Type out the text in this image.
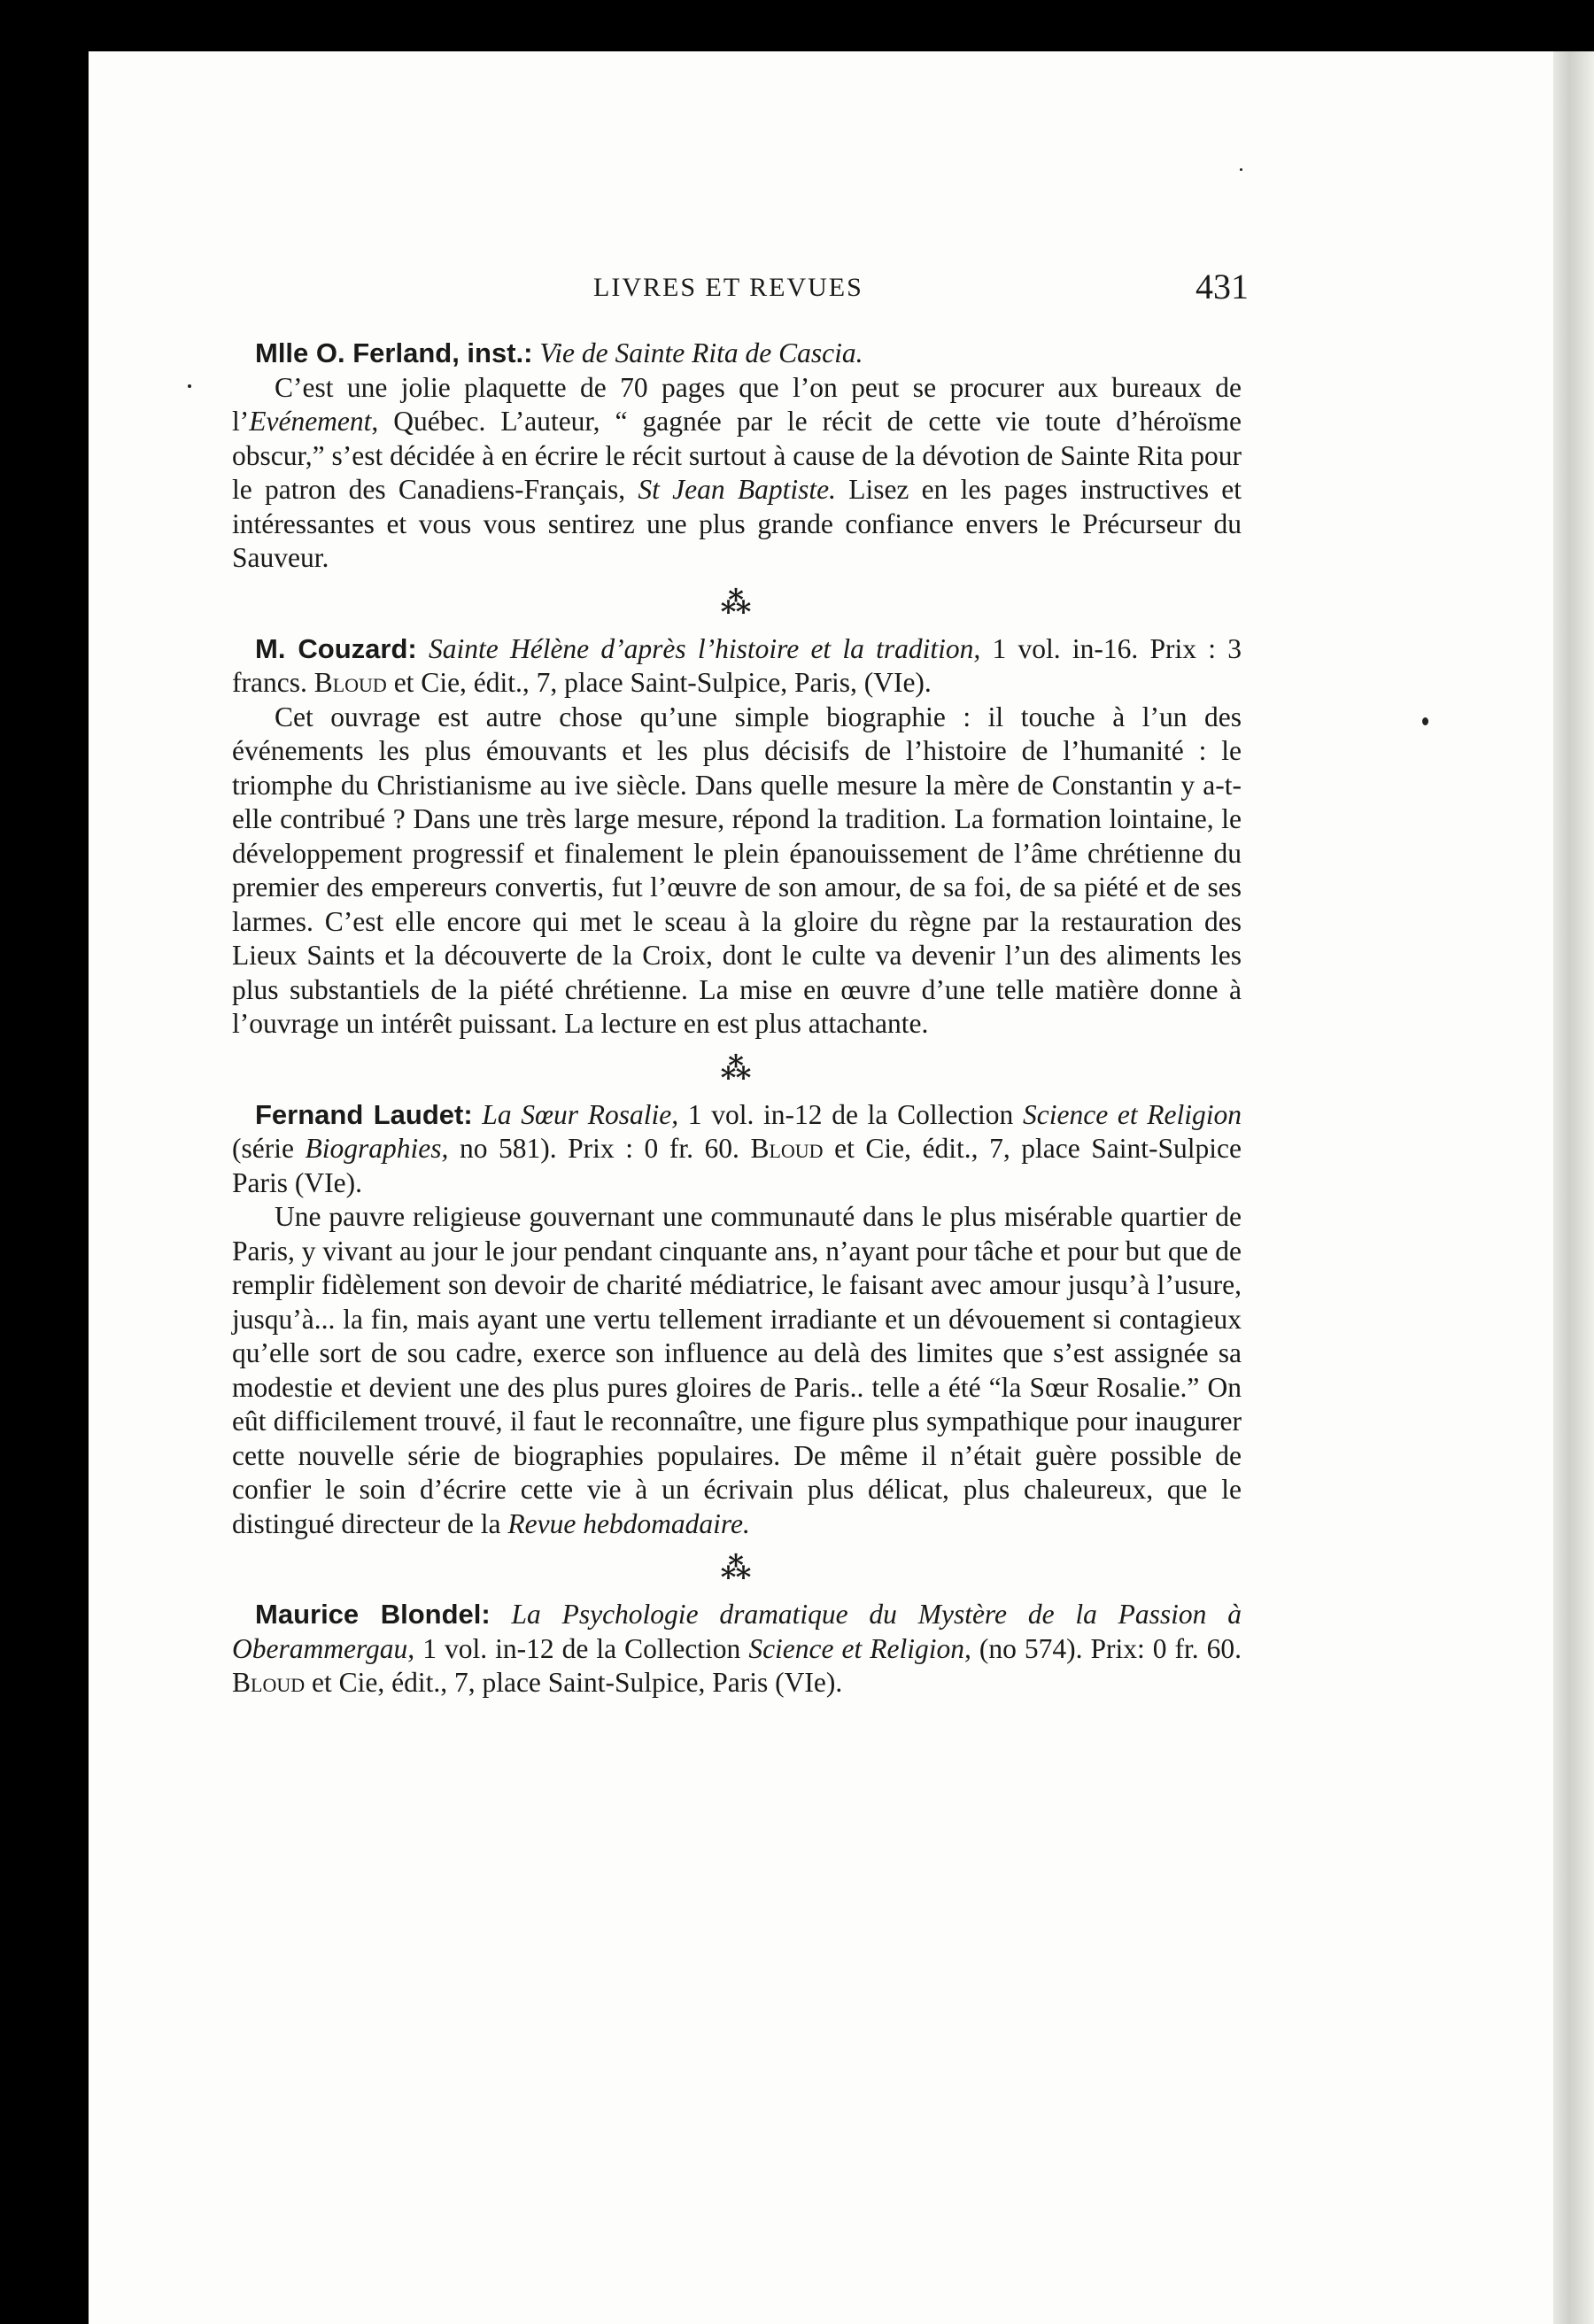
LIVRES ET REVUES	431

Mlle O. Ferland, inst.: Vie de Sainte Rita de Cascia.

C’est une jolie plaquette de 70 pages que l’on peut se procurer aux bureaux de l’Evénement, Québec. L’auteur, “ gagnée par le récit de cette vie toute d’héroïsme obscur,” s’est décidée à en écrire le récit surtout à cause de la dévotion de Sainte Rita pour le patron des Canadiens-Français, St Jean Baptiste. Lisez en les pages instructives et intéressantes et vous vous sentirez une plus grande confiance envers le Précurseur du Sauveur.

⁂

M. Couzard: Sainte Hélène d’après l’histoire et la tradition, 1 vol. in-16. Prix : 3 francs. Bloud et Cie, édit., 7, place Saint-Sulpice, Paris, (VIe).

Cet ouvrage est autre chose qu’une simple biographie : il touche à l’un des événements les plus émouvants et les plus décisifs de l’histoire de l’humanité : le triomphe du Christianisme au ive siècle. Dans quelle mesure la mère de Constantin y a-t-elle contribué ? Dans une très large mesure, répond la tradition. La formation lointaine, le développement progressif et finalement le plein épanouissement de l’âme chrétienne du premier des empereurs convertis, fut l’œuvre de son amour, de sa foi, de sa piété et de ses larmes. C’est elle encore qui met le sceau à la gloire du règne par la restauration des Lieux Saints et la découverte de la Croix, dont le culte va devenir l’un des aliments les plus substantiels de la piété chrétienne. La mise en œuvre d’une telle matière donne à l’ouvrage un intérêt puissant. La lecture en est plus attachante.

⁂

Fernand Laudet: La Sœur Rosalie, 1 vol. in-12 de la Collection Science et Religion (série Biographies, no 581). Prix : 0 fr. 60. Bloud et Cie, édit., 7, place Saint-Sulpice Paris (VIe).

Une pauvre religieuse gouvernant une communauté dans le plus misérable quartier de Paris, y vivant au jour le jour pendant cinquante ans, n’ayant pour tâche et pour but que de remplir fidèlement son devoir de charité médiatrice, le faisant avec amour jusqu’à l’usure, jusqu’à... la fin, mais ayant une vertu tellement irradiante et un dévouement si contagieux qu’elle sort de sou cadre, exerce son influence au delà des limites que s’est assignée sa modestie et devient une des plus pures gloires de Paris.. telle a été “la Sœur Rosalie.” On eût difficilement trouvé, il faut le reconnaître, une figure plus sympathique pour inaugurer cette nouvelle série de biographies populaires. De même il n’était guère possible de confier le soin d’écrire cette vie à un écrivain plus délicat, plus chaleureux, que le distingué directeur de la Revue hebdomadaire.

⁂

Maurice Blondel: La Psychologie dramatique du Mystère de la Passion à Oberammergau, 1 vol. in-12 de la Collection Science et Religion, (no 574). Prix: 0 fr. 60. Bloud et Cie, édit., 7, place Saint-Sulpice, Paris (VIe).
